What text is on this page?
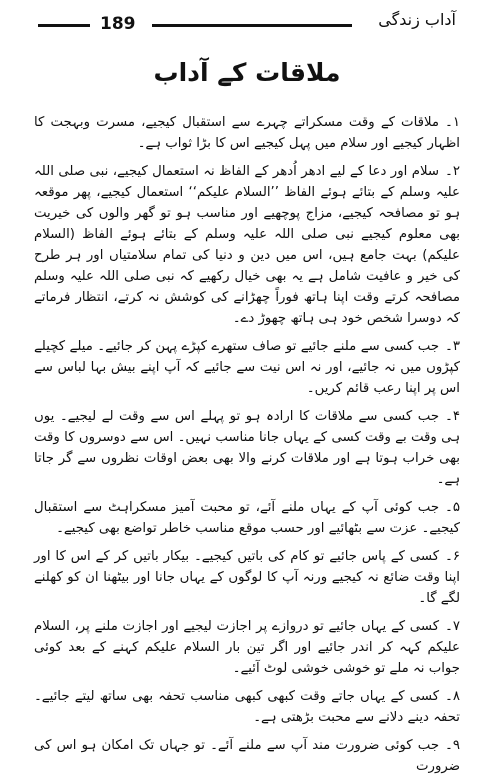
189	آداب زندگی
ملاقات کے آداب

۱۔ملاقات کے وقت مسکراتے چہرے سے استقبال کیجیے، مسرت وبہجت کا اظہار کیجیے اور سلام میں پہل کیجیے اس کا بڑا ثواب ہے۔

۲۔سلام اور دعا کے لیے ادھر اُدھر کے الفاظ نہ استعمال کیجیے، نبی صلی اللہ علیہ وسلم کے بتائے ہوئے الفاظ ’’السلام علیکم‘‘ استعمال کیجیے، پھر موقعہ ہو تو مصافحہ کیجیے، مزاج پوچھیے اور مناسب ہو تو گھر والوں کی خیریت بھی معلوم کیجیے نبی صلی اللہ علیہ وسلم کے بتائے ہوئے الفاظ (السلام علیکم) بہت جامع ہیں، اس میں دین و دنیا کی تمام سلامتیاں اور ہر طرح کی خیر و عافیت شامل ہے یہ بھی خیال رکھیے کہ نبی صلی اللہ علیہ وسلم مصافحہ کرتے وقت اپنا ہاتھ فوراً چھڑانے کی کوشش نہ کرتے، انتظار فرماتے کہ دوسرا شخص خود ہی ہاتھ چھوڑ دے۔

۳۔جب کسی سے ملنے جائیے تو صاف ستھرے کپڑے پہن کر جائیے۔ میلے کچیلے کپڑوں میں نہ جائیے، اور نہ اس نیت سے جائیے کہ آپ اپنے بیش بہا لباس سے اس پر اپنا رعب قائم کریں۔

۴۔جب کسی سے ملاقات کا ارادہ ہو تو پہلے اس سے وقت لے لیجیے۔ یوں ہی وقت بے وقت کسی کے یہاں جانا مناسب نہیں۔ اس سے دوسروں کا وقت بھی خراب ہوتا ہے اور ملاقات کرنے والا بھی بعض اوقات نظروں سے گر جاتا ہے۔

۵۔جب کوئی آپ کے یہاں ملنے آئے، تو محبت آمیز مسکراہٹ سے استقبال کیجیے۔ عزت سے بٹھائیے اور حسب موقع مناسب خاطر تواضع بھی کیجیے۔

۶۔کسی کے پاس جائیے تو کام کی باتیں کیجیے۔ بیکار باتیں کر کے اس کا اور اپنا وقت ضائع نہ کیجیے ورنہ آپ کا لوگوں کے یہاں جانا اور بیٹھنا ان کو کھلنے لگے گا۔

۷۔کسی کے یہاں جائیے تو دروازے پر اجازت لیجیے اور اجازت ملنے پر، السلام علیکم کہہ کر اندر جائیے اور اگر تین بار السلام علیکم کہنے کے بعد کوئی جواب نہ ملے تو خوشی خوشی لوٹ آئیے۔

۸۔کسی کے یہاں جاتے وقت کبھی کبھی مناسب تحفہ بھی ساتھ لیتے جائیے۔ تحفہ دینے دلانے سے محبت بڑھتی ہے۔

۹۔جب کوئی ضرورت مند آپ سے ملنے آئے۔ تو جہاں تک امکان ہو اس کی ضرورت
